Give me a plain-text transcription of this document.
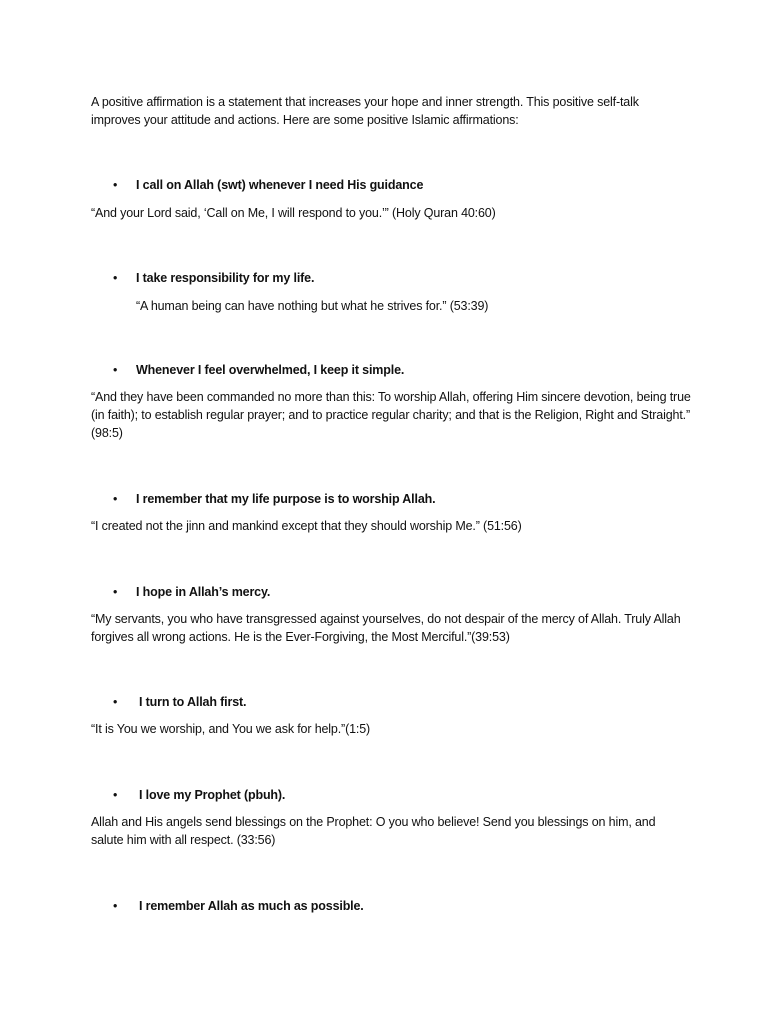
A positive affirmation is a statement that increases your hope and inner strength. This positive self-talk improves your attitude and actions. Here are some positive Islamic affirmations:

• I call on Allah (swt) whenever I need His guidance
“And your Lord said, ‘Call on Me, I will respond to you.’” (Holy Quran 40:60)
• I take responsibility for my life.
“A human being can have nothing but what he strives for.” (53:39)
• Whenever I feel overwhelmed, I keep it simple.
“And they have been commanded no more than this: To worship Allah, offering Him sincere devotion, being true (in faith); to establish regular prayer; and to practice regular charity; and that is the Religion, Right and Straight.” (98:5)
• I remember that my life purpose is to worship Allah.
“I created not the jinn and mankind except that they should worship Me.” (51:56)
• I hope in Allah’s mercy.
“My servants, you who have transgressed against yourselves, do not despair of the mercy of Allah. Truly Allah forgives all wrong actions. He is the Ever-Forgiving, the Most Merciful.”(39:53)
• I turn to Allah first.
“It is You we worship, and You we ask for help.”(1:5)
• I love my Prophet (pbuh).
Allah and His angels send blessings on the Prophet: O you who believe! Send you blessings on him, and salute him with all respect. (33:56)
• I remember Allah as much as possible.
